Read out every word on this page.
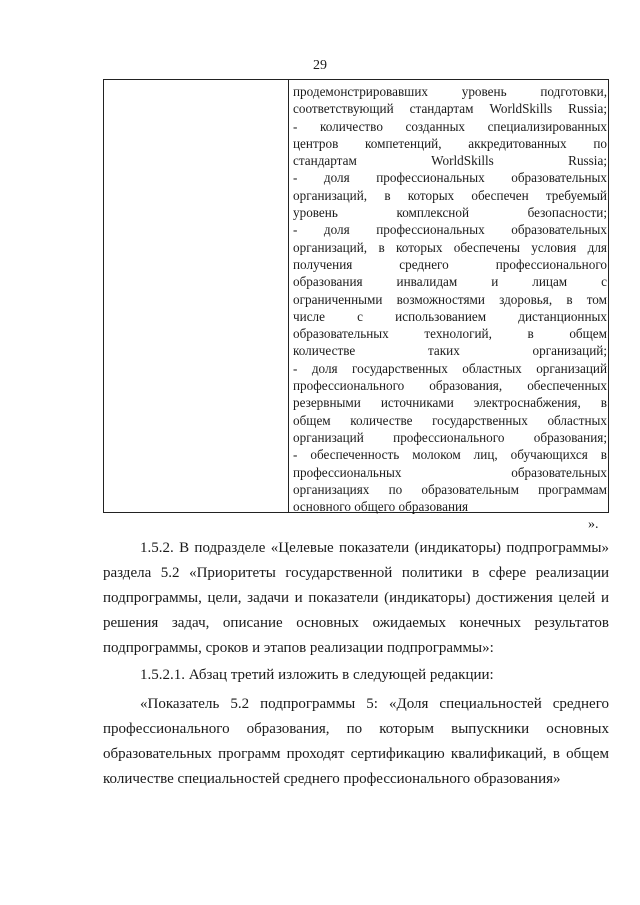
29
продемонстрировавших уровень подготовки,
соответствующий стандартам WorldSkills Russia;
- количество созданных специализированных
центров компетенций, аккредитованных по
стандартам WorldSkills Russia;
- доля профессиональных образовательных
организаций, в которых обеспечен требуемый
уровень комплексной безопасности;
- доля профессиональных образовательных
организаций, в которых обеспечены условия для
получения среднего профессионального
образования инвалидам и лицам с
ограниченными возможностями здоровья, в том
числе с использованием дистанционных
образовательных технологий, в общем
количестве таких организаций;
- доля государственных областных организаций
профессионального образования, обеспеченных
резервными источниками электроснабжения, в
общем количестве государственных областных
организаций профессионального образования;
- обеспеченность молоком лиц, обучающихся в
профессиональных образовательных
организациях по образовательным программам
основного общего образования
».
1.5.2. В подразделе «Целевые показатели (индикаторы) подпрограммы»
раздела 5.2 «Приоритеты государственной политики в сфере реализации
подпрограммы, цели, задачи и показатели (индикаторы) достижения целей и
решения задач, описание основных ожидаемых конечных результатов
подпрограммы, сроков и этапов реализации подпрограммы»:
1.5.2.1. Абзац третий изложить в следующей редакции:
«Показатель 5.2 подпрограммы 5: «Доля специальностей среднего
профессионального образования, по которым выпускники основных
образовательных программ проходят сертификацию квалификаций, в общем
количестве специальностей среднего профессионального образования»
